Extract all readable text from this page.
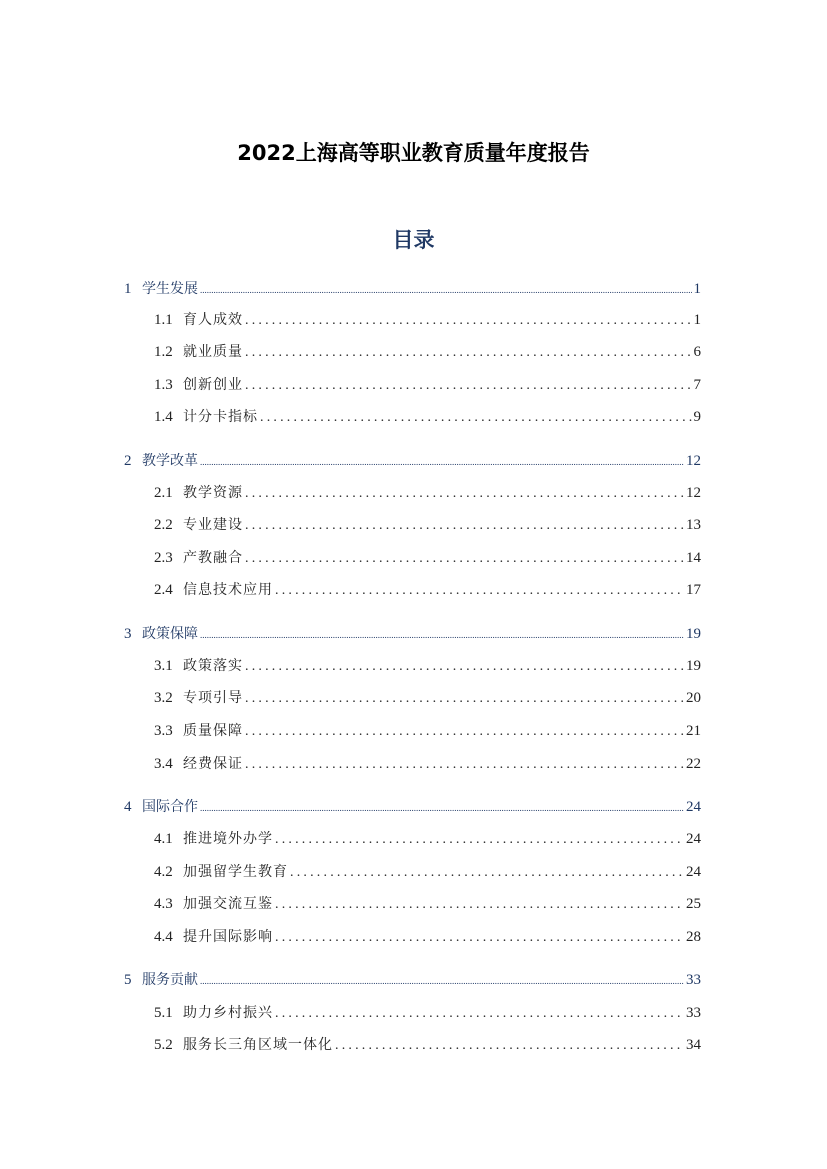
2022上海高等职业教育质量年度报告
目录
1 学生发展 .....	1
1.1 育人成效 .....	1
1.2 就业质量 .....	6
1.3 创新创业 .....	7
1.4 计分卡指标 .....	9
2 教学改革 .....	12
2.1 教学资源 .....	12
2.2 专业建设 .....	13
2.3 产教融合 .....	14
2.4 信息技术应用 .....	17
3 政策保障 .....	19
3.1 政策落实 .....	19
3.2 专项引导 .....	20
3.3 质量保障 .....	21
3.4 经费保证 .....	22
4 国际合作 .....	24
4.1 推进境外办学 .....	24
4.2 加强留学生教育 .....	24
4.3 加强交流互鉴 .....	25
4.4 提升国际影响 .....	28
5 服务贡献 .....	33
5.1 助力乡村振兴 .....	33
5.2 服务长三角区域一体化 .....	34
